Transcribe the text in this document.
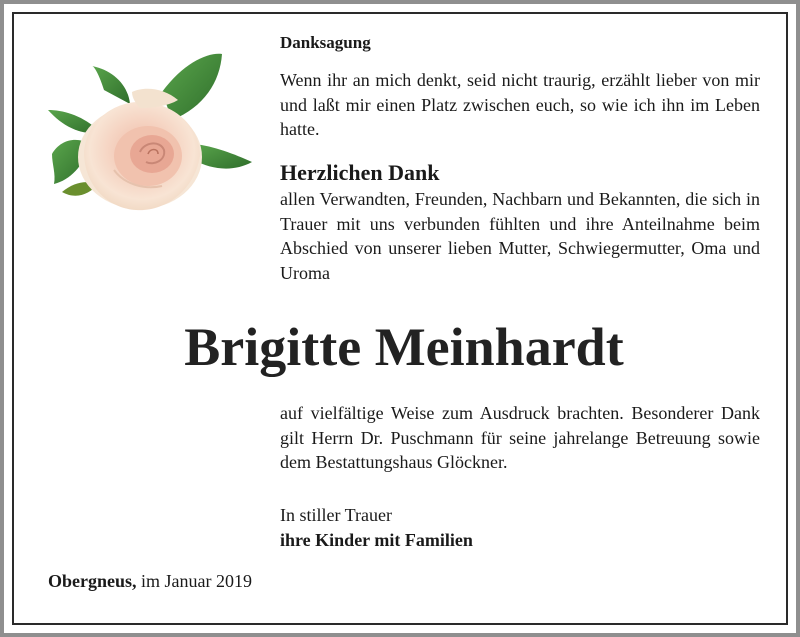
Danksagung
Wenn ihr an mich denkt, seid nicht traurig, erzählt lieber von mir und laßt mir einen Platz zwischen euch, so wie ich ihn im Leben hatte.
Herzlichen Dank
allen Verwandten, Freunden, Nachbarn und Bekannten, die sich in Trauer mit uns verbunden fühlten und ihre Anteilnahme beim Abschied von unserer lieben Mutter, Schwiegermutter, Oma und Uroma
Brigitte Meinhardt
auf vielfältige Weise zum Ausdruck brachten. Besonderer Dank gilt Herrn Dr. Puschmann für seine jahrelange Betreuung sowie dem Bestattungshaus Glöckner.
In stiller Trauer
ihre Kinder mit Familien
Obergneus, im Januar 2019
